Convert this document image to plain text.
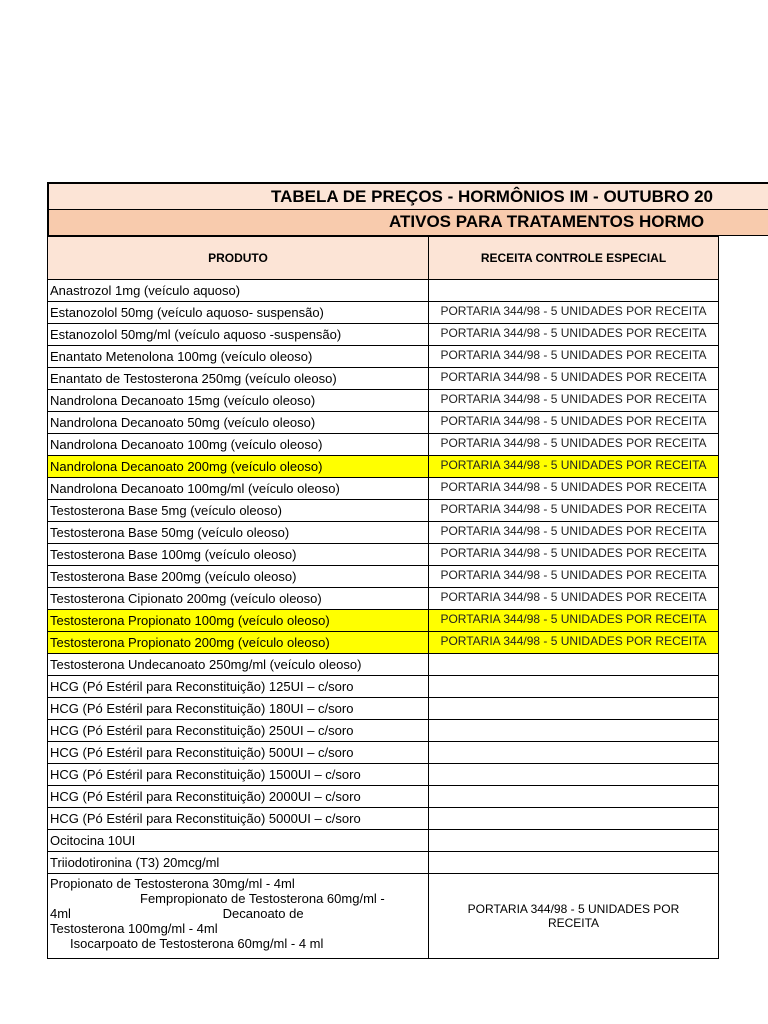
TABELA DE PREÇOS - HORMÔNIOS IM - OUTUBRO 20
ATIVOS PARA TRATAMENTOS HORMO
PRODUTO	RECEITA CONTROLE ESPECIAL
Anastrozol 1mg (veículo aquoso)	

Estanozolol 50mg (veículo aquoso- suspensão)	PORTARIA 344/98 - 5 UNIDADES POR RECEITA

Estanozolol 50mg/ml (veículo aquoso -suspensão)	PORTARIA 344/98 - 5 UNIDADES POR RECEITA

Enantato Metenolona 100mg (veículo oleoso)	PORTARIA 344/98 - 5 UNIDADES POR RECEITA

Enantato de Testosterona 250mg (veículo oleoso)	PORTARIA 344/98 - 5 UNIDADES POR RECEITA

Nandrolona Decanoato 15mg (veículo oleoso)	PORTARIA 344/98 - 5 UNIDADES POR RECEITA

Nandrolona Decanoato 50mg (veículo oleoso)	PORTARIA 344/98 - 5 UNIDADES POR RECEITA

Nandrolona Decanoato 100mg (veículo oleoso)	PORTARIA 344/98 - 5 UNIDADES POR RECEITA

Nandrolona Decanoato 200mg (veículo oleoso)	PORTARIA 344/98 - 5 UNIDADES POR RECEITA

Nandrolona Decanoato 100mg/ml (veículo oleoso)	PORTARIA 344/98 - 5 UNIDADES POR RECEITA

Testosterona Base 5mg (veículo oleoso)	PORTARIA 344/98 - 5 UNIDADES POR RECEITA

Testosterona Base 50mg (veículo oleoso)	PORTARIA 344/98 - 5 UNIDADES POR RECEITA

Testosterona Base 100mg (veículo oleoso)	PORTARIA 344/98 - 5 UNIDADES POR RECEITA

Testosterona Base 200mg (veículo oleoso)	PORTARIA 344/98 - 5 UNIDADES POR RECEITA

Testosterona Cipionato 200mg (veículo oleoso)	PORTARIA 344/98 - 5 UNIDADES POR RECEITA

Testosterona Propionato 100mg (veículo oleoso)	PORTARIA 344/98 - 5 UNIDADES POR RECEITA

Testosterona Propionato 200mg (veículo oleoso)	PORTARIA 344/98 - 5 UNIDADES POR RECEITA

Testosterona Undecanoato 250mg/ml (veículo oleoso)	

HCG (Pó Estéril para Reconstituição) 125UI – c/soro	

HCG (Pó Estéril para Reconstituição) 180UI – c/soro	

HCG (Pó Estéril para Reconstituição) 250UI – c/soro	

HCG (Pó Estéril para Reconstituição) 500UI – c/soro	

HCG (Pó Estéril para Reconstituição) 1500UI – c/soro	

HCG (Pó Estéril para Reconstituição) 2000UI – c/soro	

HCG (Pó Estéril para Reconstituição) 5000UI – c/soro	

Ocitocina 10UI	

Triiodotironina (T3) 20mcg/ml	

Propionato de Testosterona 30mg/ml - 4ml
Fempropionato de Testosterona 60mg/ml -
4ml                                          Decanoato de
Testosterona 100mg/ml - 4ml
Isocarpoato de Testosterona 60mg/ml - 4 ml	PORTARIA 344/98 - 5 UNIDADES POR RECEITA
